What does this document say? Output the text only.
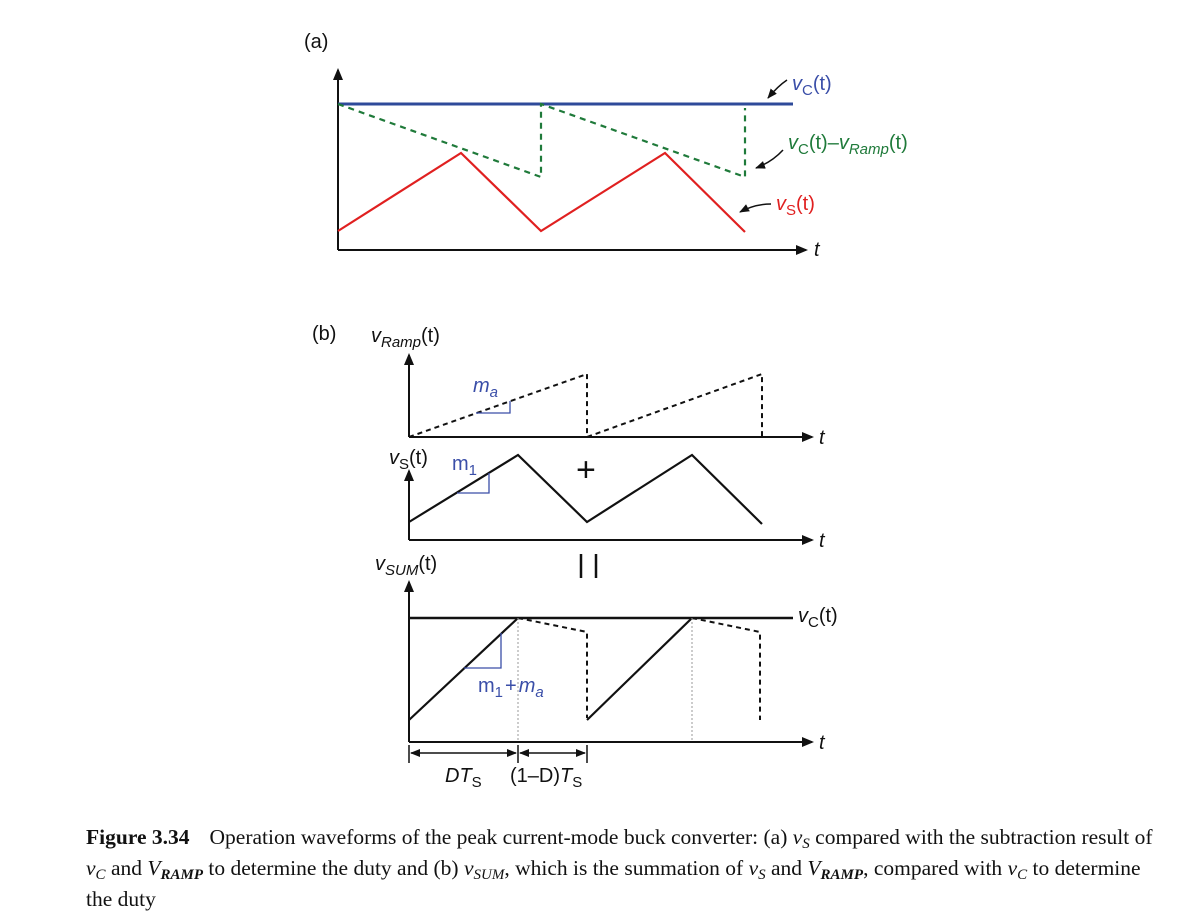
(a)
t
$v_C(t)$
$v_C(t)-v_{Ramp}(t)$
$v_S(t)$
(b) $v_{Ramp}(t)$
t
$m_a$
$v_S(t)$
t
$m_1$	+
$v_{SUM}(t)$
t
$v_C(t)$
$m_1 + m_a$
$DT_S$ $(1-D)T_S$
Figure 3.34 Operation waveforms of the peak current-mode buck converter: (a) $v_S$ compared with the subtraction result of $v_C$ and $V_{RAMP}$ to determine the duty and (b) $v_{SUM}$, which is the summation of $v_S$ and $V_{RAMP}$, compared with $v_C$ to determine the duty
